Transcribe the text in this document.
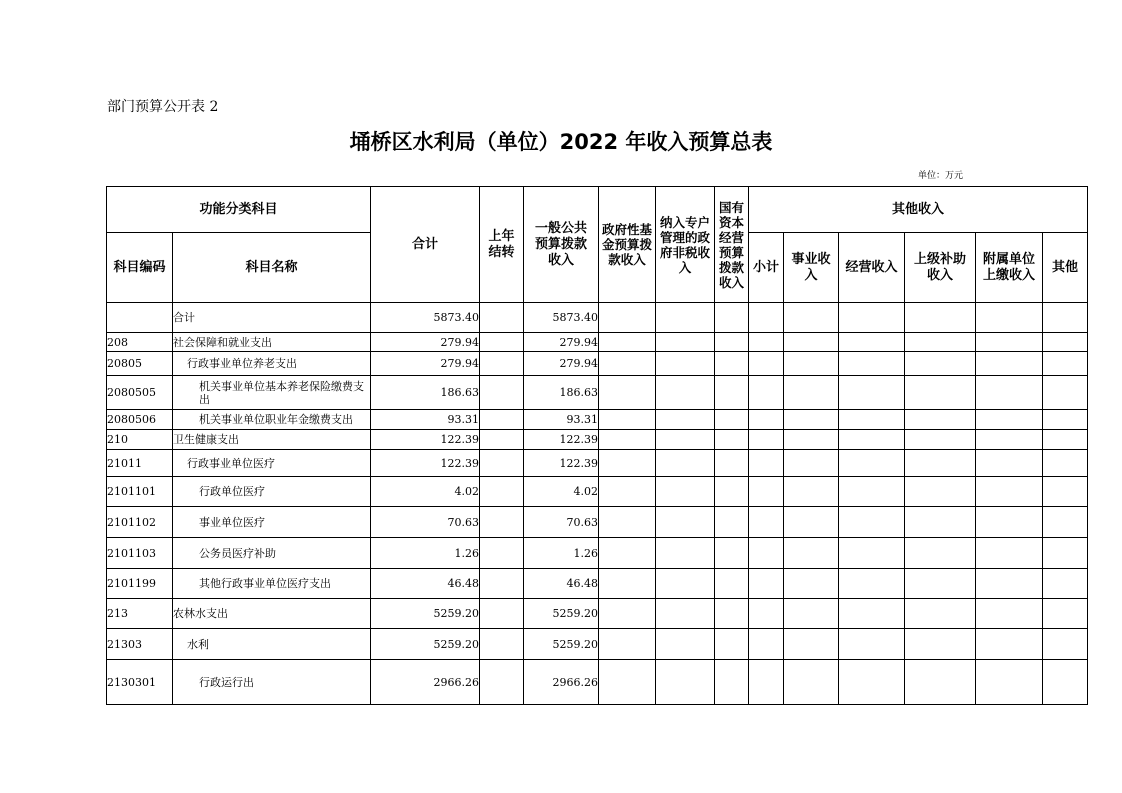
部门预算公开表 2
埇桥区水利局（单位）2022 年收入预算总表
单位：万元
功能分类科目		合计	上年结转	一般公共预算拨款收入	政府性基金预算拨款收入	纳入专户管理的政府非税收入	国有资本经营预算拨款收入	其他收入					
科目编码	科目名称							小计	事业收入	经营收入	上级补助收入	附属单位上缴收入	其他
	合计	5873.40		5873.40									
208	社会保障和就业支出	279.94		279.94									
20805	行政事业单位养老支出	279.94		279.94									
2080505	机关事业单位基本养老保险缴费支出	186.63		186.63									
2080506	机关事业单位职业年金缴费支出	93.31		93.31									
210	卫生健康支出	122.39		122.39									
21011	行政事业单位医疗	122.39		122.39									
2101101	行政单位医疗	4.02		4.02									
2101102	事业单位医疗	70.63		70.63									
2101103	公务员医疗补助	1.26		1.26									
2101199	其他行政事业单位医疗支出	46.48		46.48									
213	农林水支出	5259.20		5259.20									
21303	水利	5259.20		5259.20									
2130301	行政运行出	2966.26		2966.26									
